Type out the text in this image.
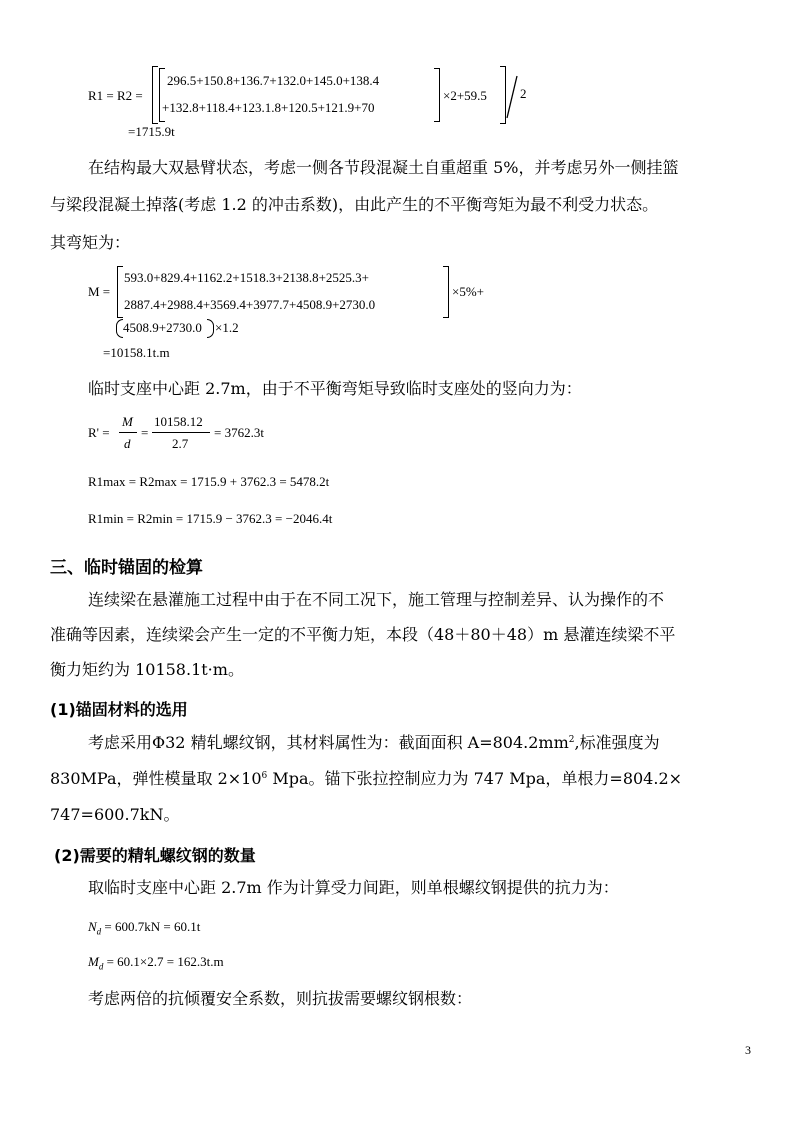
R1 = R2 =
296.5+150.8+136.7+132.0+145.0+138.4
+132.8+118.4+123.1.8+120.5+121.9+70
×2+59.5	2
=1715.9t
在结构最大双悬臂状态，考虑一侧各节段混凝土自重超重 5%，并考虑另外一侧挂篮
与梁段混凝土掉落(考虑 1.2 的冲击系数)，由此产生的不平衡弯矩为最不利受力状态。
其弯矩为：
M =
593.0+829.4+1162.2+1518.3+2138.8+2525.3+
2887.4+2988.4+3569.4+3977.7+4508.9+2730.0
×5%+
4508.9+2730.0 ×1.2
=10158.1t.m
临时支座中心距 2.7m，由于不平衡弯矩导致临时支座处的竖向力为：
R' =
M
d
=
10158.12
2.7
= 3762.3t
R1max = R2max = 1715.9 + 3762.3 = 5478.2t
R1min = R2min = 1715.9 − 3762.3 = −2046.4t
三、临时锚固的检算
连续梁在悬灌施工过程中由于在不同工况下，施工管理与控制差异、认为操作的不
准确等因素，连续梁会产生一定的不平衡力矩，本段（48＋80＋48）m 悬灌连续梁不平
衡力矩约为 10158.1t·m。
(1)锚固材料的选用
考虑采用Φ32 精轧螺纹钢，其材料属性为：截面面积 $A=804.2mm^2$,标准强度为
830MPa，弹性模量取 $2\times 10^6$ Mpa。锚下张拉控制应力为 747 Mpa，单根力=804.2×
747=600.7kN。
(2)需要的精轧螺纹钢的数量
取临时支座中心距 2.7m 作为计算受力间距，则单根螺纹钢提供的抗力为：
$N_d = 600.7kN = 60.1t$
$M_d = 60.1\times 2.7 = 162.3t.m$
考虑两倍的抗倾覆安全系数，则抗拔需要螺纹钢根数：
3
